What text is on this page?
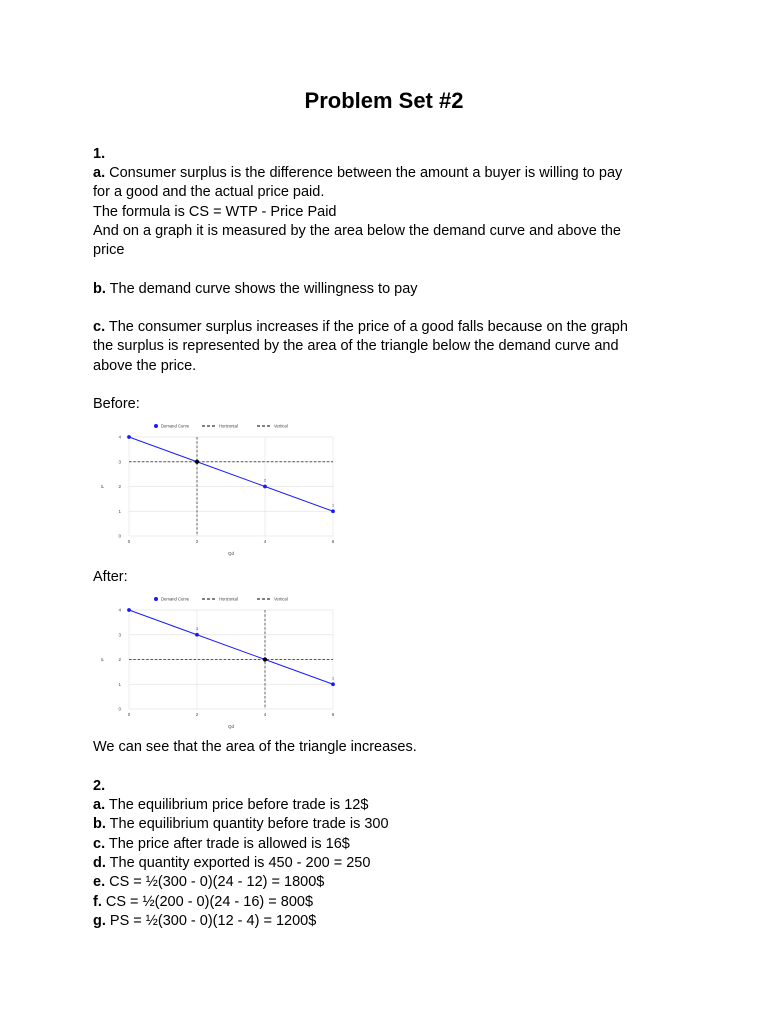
Problem Set #2
1.
a. Consumer surplus is the difference between the amount a buyer is willing to pay
for a good and the actual price paid.
The formula is CS = WTP - Price Paid
And on a graph it is measured by the area below the demand curve and above the
price
b. The demand curve shows the willingness to pay
c. The consumer surplus increases if the price of a good falls because on the graph
the surplus is represented by the area of the triangle below the demand curve and
above the price.
Before:
0
1
2
3
4
0	2	4	6
Qd
P
2
1
Demand Curve	Horizontal	Vertical
After:
0
1
2
3
4
0	2	4	6
Qd
P
3
1
Demand Curve	Horizontal	Vertical
We can see that the area of the triangle increases.
2.
a. The equilibrium price before trade is 12$
b. The equilibrium quantity before trade is 300
c. The price after trade is allowed is 16$
d. The quantity exported is 450 - 200 = 250
e. CS = ½(300 - 0)(24 - 12) = 1800$
f. CS = ½(200 - 0)(24 - 16) = 800$
g. PS = ½(300 - 0)(12 - 4) = 1200$
